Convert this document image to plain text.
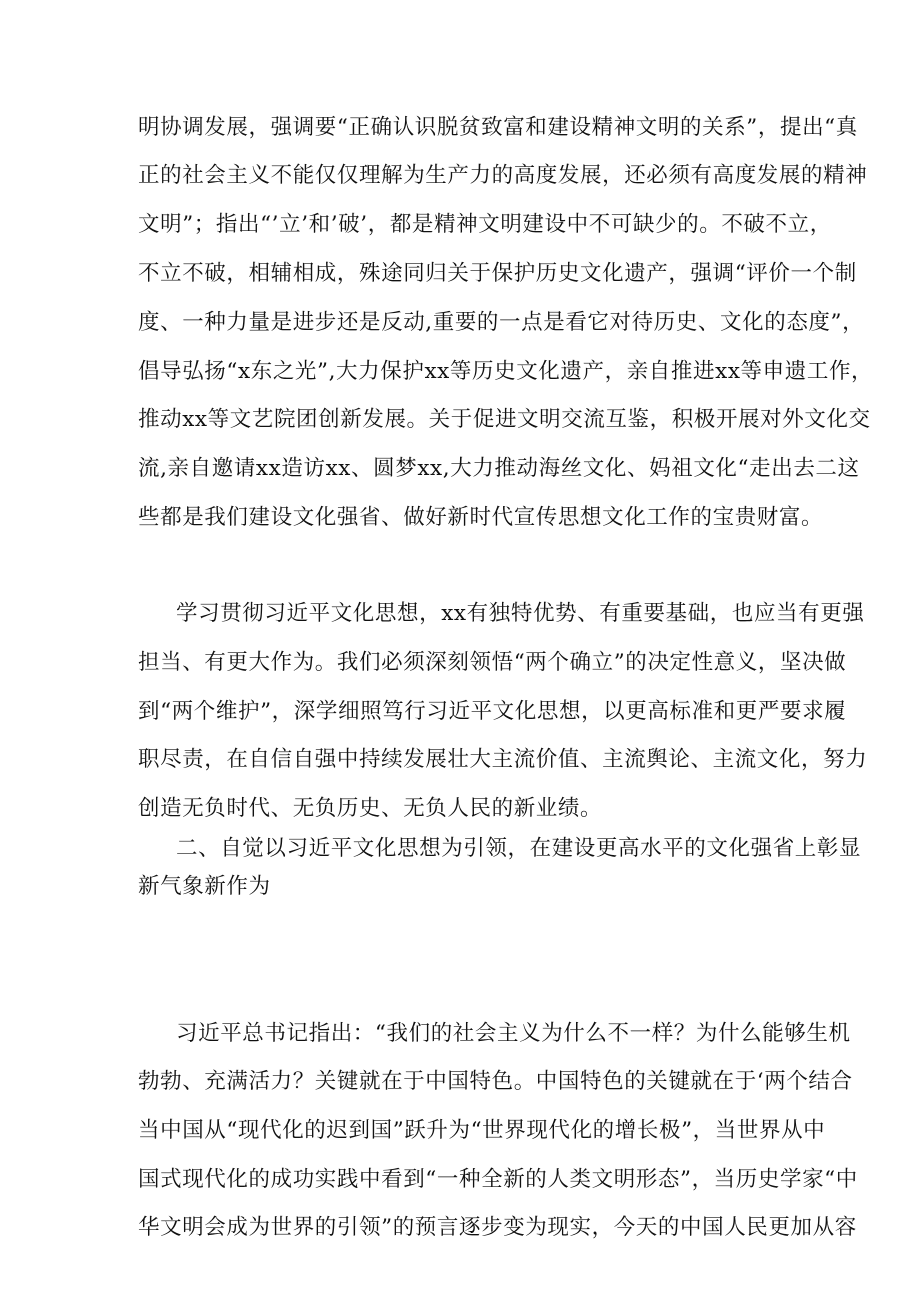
明协调发展，强调要“正确认识脱贫致富和建设精神文明的关系”，提出“真
正的社会主义不能仅仅理解为生产力的高度发展，还必须有高度发展的精神
文明”；指出“’立’和’破’，都是精神文明建设中不可缺少的。不破不立，
不立不破，相辅相成，殊途同归关于保护历史文化遗产，强调“评价一个制
度、一种力量是进步还是反动,重要的一点是看它对待历史、文化的态度”，
倡导弘扬“x东之光”,大力保护xx等历史文化遗产，亲自推进xx等申遗工作，
推动xx等文艺院团创新发展。关于促进文明交流互鉴，积极开展对外文化交
流,亲自邀请xx造访xx、圆梦xx,大力推动海丝文化、妈祖文化“走出去二这
些都是我们建设文化强省、做好新时代宣传思想文化工作的宝贵财富。
学习贯彻习近平文化思想，xx有独特优势、有重要基础，也应当有更强
担当、有更大作为。我们必须深刻领悟“两个确立”的决定性意义，坚决做
到“两个维护”，深学细照笃行习近平文化思想，以更高标准和更严要求履
职尽责，在自信自强中持续发展壮大主流价值、主流舆论、主流文化，努力
创造无负时代、无负历史、无负人民的新业绩。
二、自觉以习近平文化思想为引领，在建设更高水平的文化强省上彰显
新气象新作为
习近平总书记指出：“我们的社会主义为什么不一样？为什么能够生机
勃勃、充满活力？关键就在于中国特色。中国特色的关键就在于‘两个结合
当中国从“现代化的迟到国”跃升为“世界现代化的增长极”，当世界从中
国式现代化的成功实践中看到“一种全新的人类文明形态”，当历史学家“中
华文明会成为世界的引领”的预言逐步变为现实，今天的中国人民更加从容
